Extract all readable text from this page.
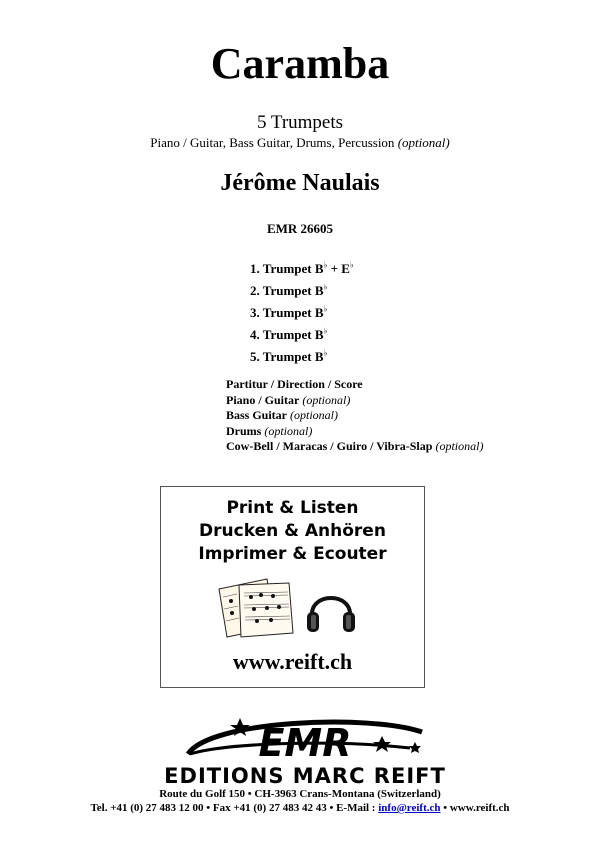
Caramba
5 Trumpets
Piano / Guitar, Bass Guitar, Drums, Percussion (optional)
Jérôme Naulais
EMR 26605
1. Trumpet B♭ + E♭
2. Trumpet B♭
3. Trumpet B♭
4. Trumpet B♭
5. Trumpet B♭
Partitur / Direction / Score
Piano / Guitar (optional)
Bass Guitar (optional)
Drums (optional)
Cow-Bell / Maracas / Guiro / Vibra-Slap (optional)
Print & Listen
Drucken & Anhören
Imprimer & Ecouter
www.reift.ch
EMR
EDITIONS MARC REIFT
Route du Golf 150 • CH-3963 Crans-Montana (Switzerland)
Tel. +41 (0) 27 483 12 00 • Fax +41 (0) 27 483 42 43 • E-Mail : info@reift.ch • www.reift.ch
